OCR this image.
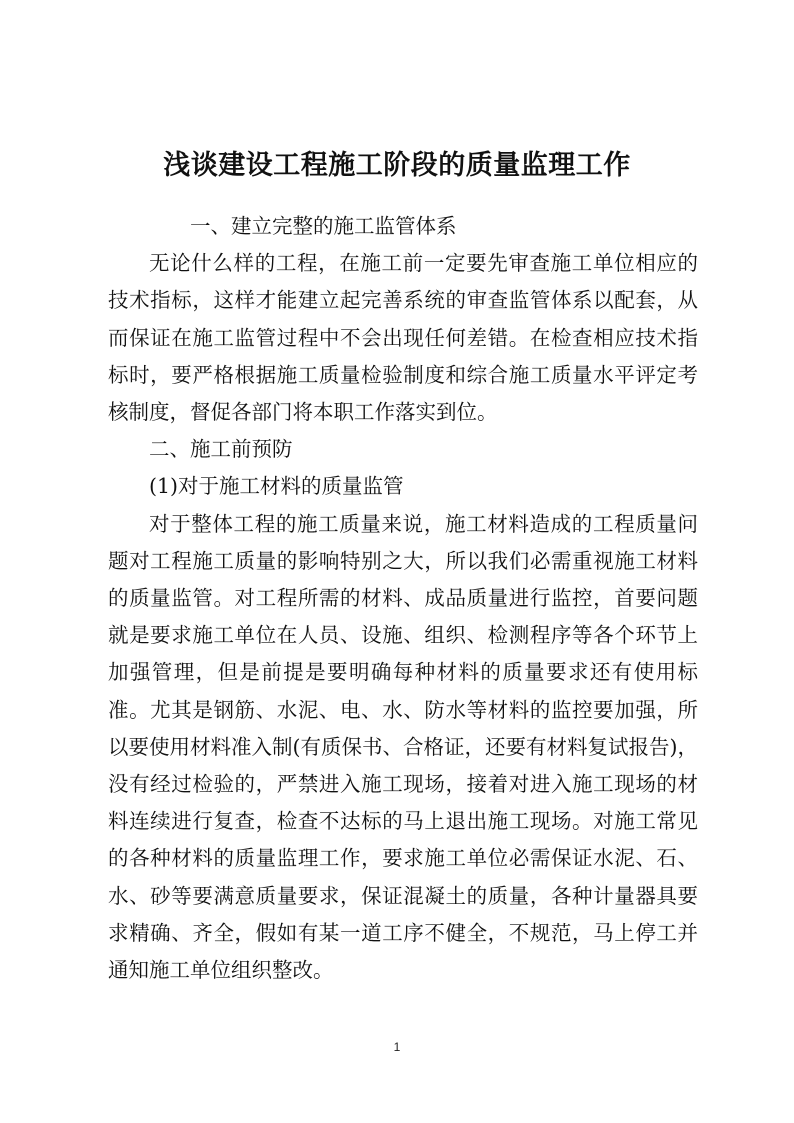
浅谈建设工程施工阶段的质量监理工作

一、建立完整的施工监管体系

无论什么样的工程，在施工前一定要先审查施工单位相应的技术指标，这样才能建立起完善系统的审查监管体系以配套，从而保证在施工监管过程中不会出现任何差错。在检查相应技术指标时，要严格根据施工质量检验制度和综合施工质量水平评定考核制度，督促各部门将本职工作落实到位。

二、施工前预防

(1)对于施工材料的质量监管

对于整体工程的施工质量来说，施工材料造成的工程质量问题对工程施工质量的影响特别之大，所以我们必需重视施工材料的质量监管。对工程所需的材料、成品质量进行监控，首要问题就是要求施工单位在人员、设施、组织、检测程序等各个环节上加强管理，但是前提是要明确每种材料的质量要求还有使用标准。尤其是钢筋、水泥、电、水、防水等材料的监控要加强，所以要使用材料准入制(有质保书、合格证，还要有材料复试报告)，没有经过检验的，严禁进入施工现场，接着对进入施工现场的材料连续进行复查，检查不达标的马上退出施工现场。对施工常见的各种材料的质量监理工作，要求施工单位必需保证水泥、石、水、砂等要满意质量要求，保证混凝土的质量，各种计量器具要求精确、齐全，假如有某一道工序不健全，不规范，马上停工并通知施工单位组织整改。

1
